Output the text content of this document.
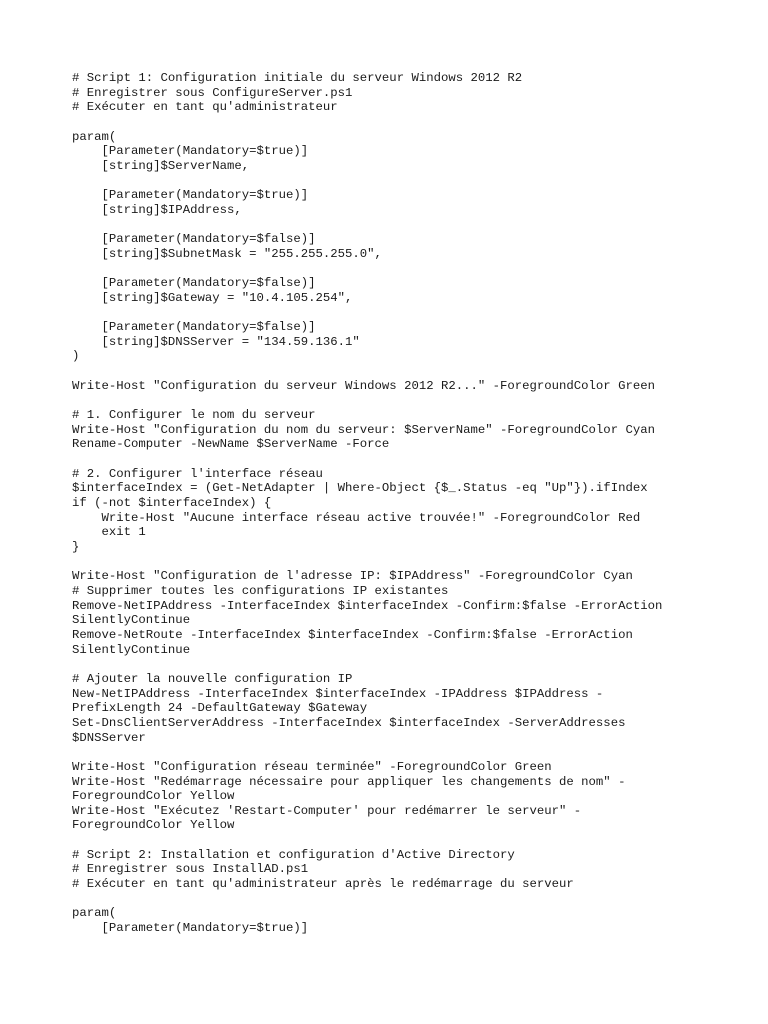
# Script 1: Configuration initiale du serveur Windows 2012 R2
# Enregistrer sous ConfigureServer.ps1
# Exécuter en tant qu'administrateur
param(
[Parameter(Mandatory=$true)]
[string]$ServerName,
[Parameter(Mandatory=$true)]
[string]$IPAddress,
[Parameter(Mandatory=$false)]
[string]$SubnetMask = "255.255.255.0",
[Parameter(Mandatory=$false)]
[string]$Gateway = "10.4.105.254",
[Parameter(Mandatory=$false)]
[string]$DNSServer = "134.59.136.1"
)
Write-Host "Configuration du serveur Windows 2012 R2..." -ForegroundColor Green
# 1. Configurer le nom du serveur
Write-Host "Configuration du nom du serveur: $ServerName" -ForegroundColor Cyan
Rename-Computer -NewName $ServerName -Force
# 2. Configurer l'interface réseau
$interfaceIndex = (Get-NetAdapter | Where-Object {$_.Status -eq "Up"}).ifIndex
if (-not $interfaceIndex) {
Write-Host "Aucune interface réseau active trouvée!" -ForegroundColor Red
exit 1
}
Write-Host "Configuration de l'adresse IP: $IPAddress" -ForegroundColor Cyan
# Supprimer toutes les configurations IP existantes
Remove-NetIPAddress -InterfaceIndex $interfaceIndex -Confirm:$false -ErrorAction
SilentlyContinue
Remove-NetRoute -InterfaceIndex $interfaceIndex -Confirm:$false -ErrorAction
SilentlyContinue
# Ajouter la nouvelle configuration IP
New-NetIPAddress -InterfaceIndex $interfaceIndex -IPAddress $IPAddress -
PrefixLength 24 -DefaultGateway $Gateway
Set-DnsClientServerAddress -InterfaceIndex $interfaceIndex -ServerAddresses
$DNSServer
Write-Host "Configuration réseau terminée" -ForegroundColor Green
Write-Host "Redémarrage nécessaire pour appliquer les changements de nom" -
ForegroundColor Yellow
Write-Host "Exécutez 'Restart-Computer' pour redémarrer le serveur" -
ForegroundColor Yellow
# Script 2: Installation et configuration d'Active Directory
# Enregistrer sous InstallAD.ps1
# Exécuter en tant qu'administrateur après le redémarrage du serveur
param(
[Parameter(Mandatory=$true)]
